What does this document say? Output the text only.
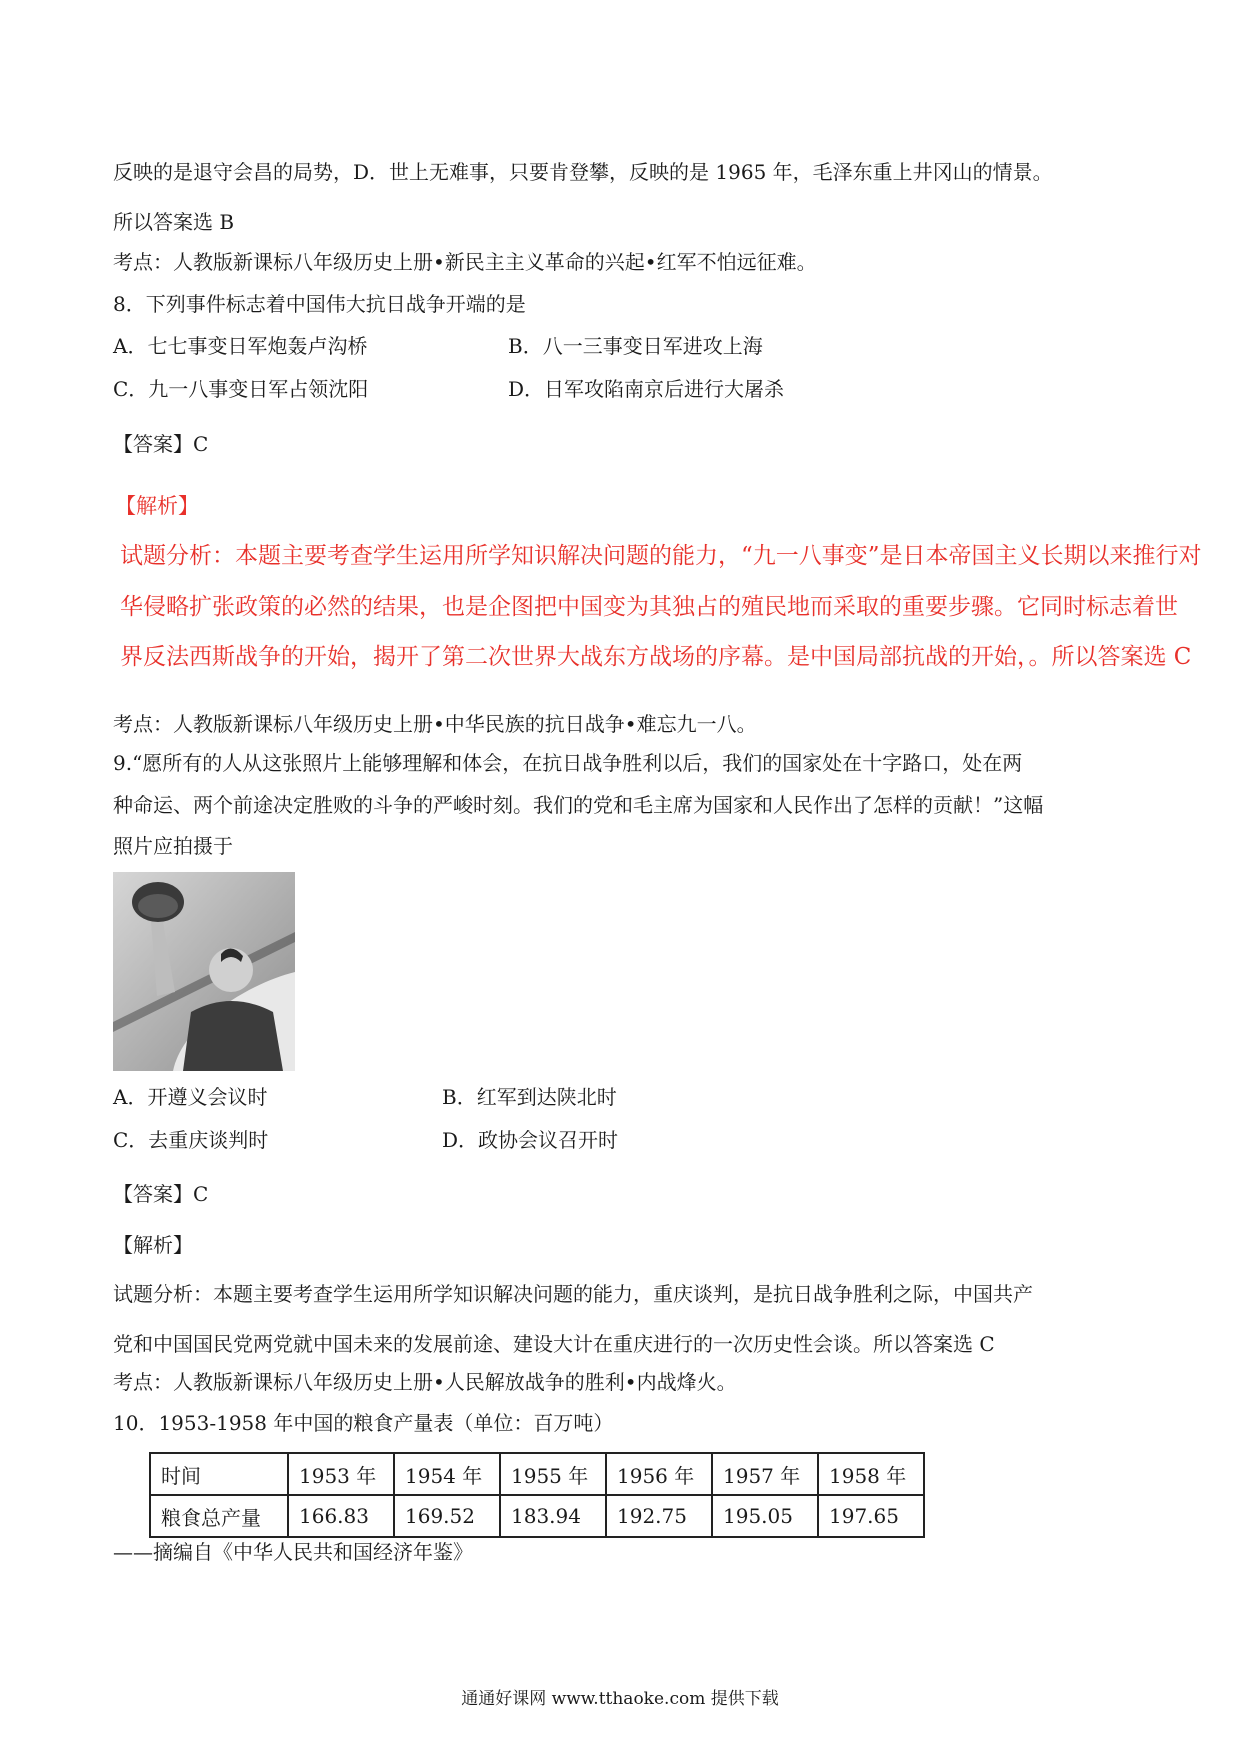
反映的是退守会昌的局势，D．世上无难事，只要肯登攀，反映的是 1965 年，毛泽东重上井冈山的情景。
所以答案选 B
考点：人教版新课标八年级历史上册•新民主主义革命的兴起•红军不怕远征难。
8．下列事件标志着中国伟大抗日战争开端的是
A．七七事变日军炮轰卢沟桥	B．八一三事变日军进攻上海
C．九一八事变日军占领沈阳	D．日军攻陷南京后进行大屠杀
【答案】C
【解析】
试题分析：本题主要考查学生运用所学知识解决问题的能力，“九一八事变”是日本帝国主义长期以来推行对
华侵略扩张政策的必然的结果，也是企图把中国变为其独占的殖民地而采取的重要步骤。它同时标志着世
界反法西斯战争的开始，揭开了第二次世界大战东方战场的序幕。是中国局部抗战的开始，。所以答案选 C
考点：人教版新课标八年级历史上册•中华民族的抗日战争•难忘九一八。
9.“愿所有的人从这张照片上能够理解和体会，在抗日战争胜利以后，我们的国家处在十字路口，处在两
种命运、两个前途决定胜败的斗争的严峻时刻。我们的党和毛主席为国家和人民作出了怎样的贡献！”这幅
照片应拍摄于
A．开遵义会议时	B．红军到达陕北时
C．去重庆谈判时	D．政协会议召开时
【答案】C
【解析】
试题分析：本题主要考查学生运用所学知识解决问题的能力，重庆谈判，是抗日战争胜利之际，中国共产
党和中国国民党两党就中国未来的发展前途、建设大计在重庆进行的一次历史性会谈。所以答案选 C
考点：人教版新课标八年级历史上册•人民解放战争的胜利•内战烽火。
10．1953-1958 年中国的粮食产量表（单位：百万吨）
时间	1953 年	1954 年	1955 年	1956 年	1957 年	1958 年
粮食总产量	166.83	169.52	183.94	192.75	195.05	197.65
——摘编自《中华人民共和国经济年鉴》
通通好课网 www.tthaoke.com 提供下载
